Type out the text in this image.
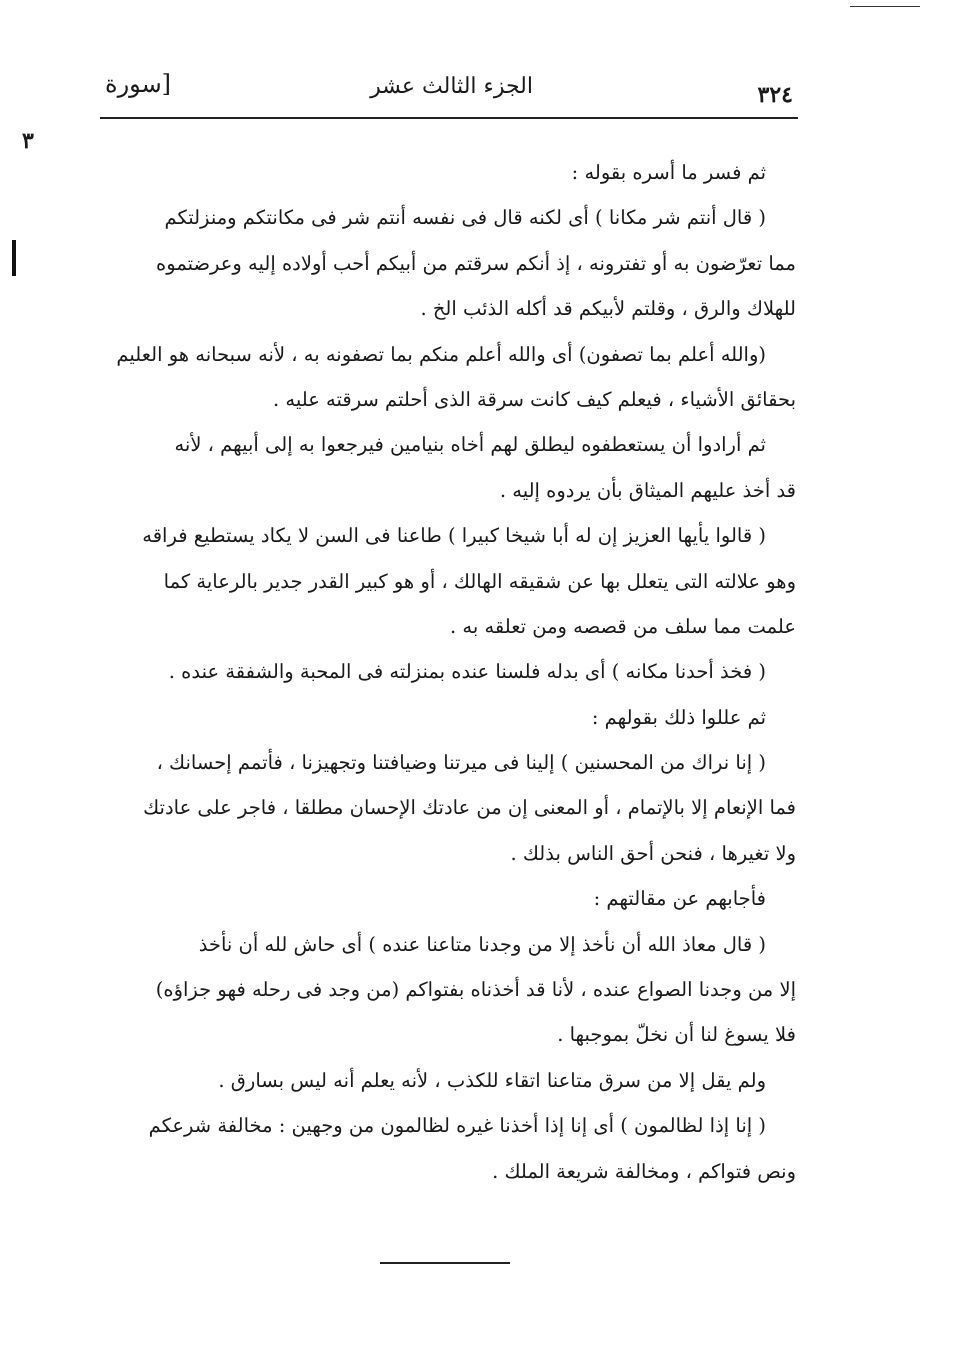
٣٢٤
الجزء الثالث عشر
[سورة
٣
ثم فسر ما أسره بقوله :
( قال أنتم شر مكانا ) أى لكنه قال فى نفسه أنتم شر فى مكانتكم ومنزلتكم
مما تعرّضون به أو تفترونه ، إذ أنكم سرقتم من أبيكم أحب أولاده إليه وعرضتموه
للهلاك والرق ، وقلتم لأبيكم قد أكله الذئب الخ .
(والله أعلم بما تصفون) أى والله أعلم منكم بما تصفونه به ، لأنه سبحانه هو العليم
بحقائق الأشياء ، فيعلم كيف كانت سرقة الذى أحلتم سرقته عليه .
ثم أرادوا أن يستعطفوه ليطلق لهم أخاه بنيامين فيرجعوا به إلى أبيهم ، لأنه
قد أخذ عليهم الميثاق بأن يردوه إليه .
( قالوا يأيها العزيز إن له أبا شيخا كبيرا ) طاعنا فى السن لا يكاد يستطيع فراقه
وهو علالته التى يتعلل بها عن شقيقه الهالك ، أو هو كبير القدر جدير بالرعاية كما
علمت مما سلف من قصصه ومن تعلقه به .
( فخذ أحدنا مكانه ) أى بدله فلسنا عنده بمنزلته فى المحبة والشفقة عنده .
ثم عللوا ذلك بقولهم :
( إنا نراك من المحسنين ) إلينا فى ميرتنا وضيافتنا وتجهيزنا ، فأتمم إحسانك ،
فما الإنعام إلا بالإتمام ، أو المعنى إن من عادتك الإحسان مطلقا ، فاجر على عادتك
ولا تغيرها ، فنحن أحق الناس بذلك .
فأجابهم عن مقالتهم :
( قال معاذ الله أن نأخذ إلا من وجدنا متاعنا عنده ) أى حاش لله أن نأخذ
إلا من وجدنا الصواع عنده ، لأنا قد أخذناه بفتواكم (من وجد فى رحله فهو جزاؤه)
فلا يسوغ لنا أن نخلّ بموجبها .
ولم يقل إلا من سرق متاعنا اتقاء للكذب ، لأنه يعلم أنه ليس بسارق .
( إنا إذا لظالمون ) أى إنا إذا أخذنا غيره لظالمون من وجهين : مخالفة شرعكم
ونص فتواكم ، ومخالفة شريعة الملك .
